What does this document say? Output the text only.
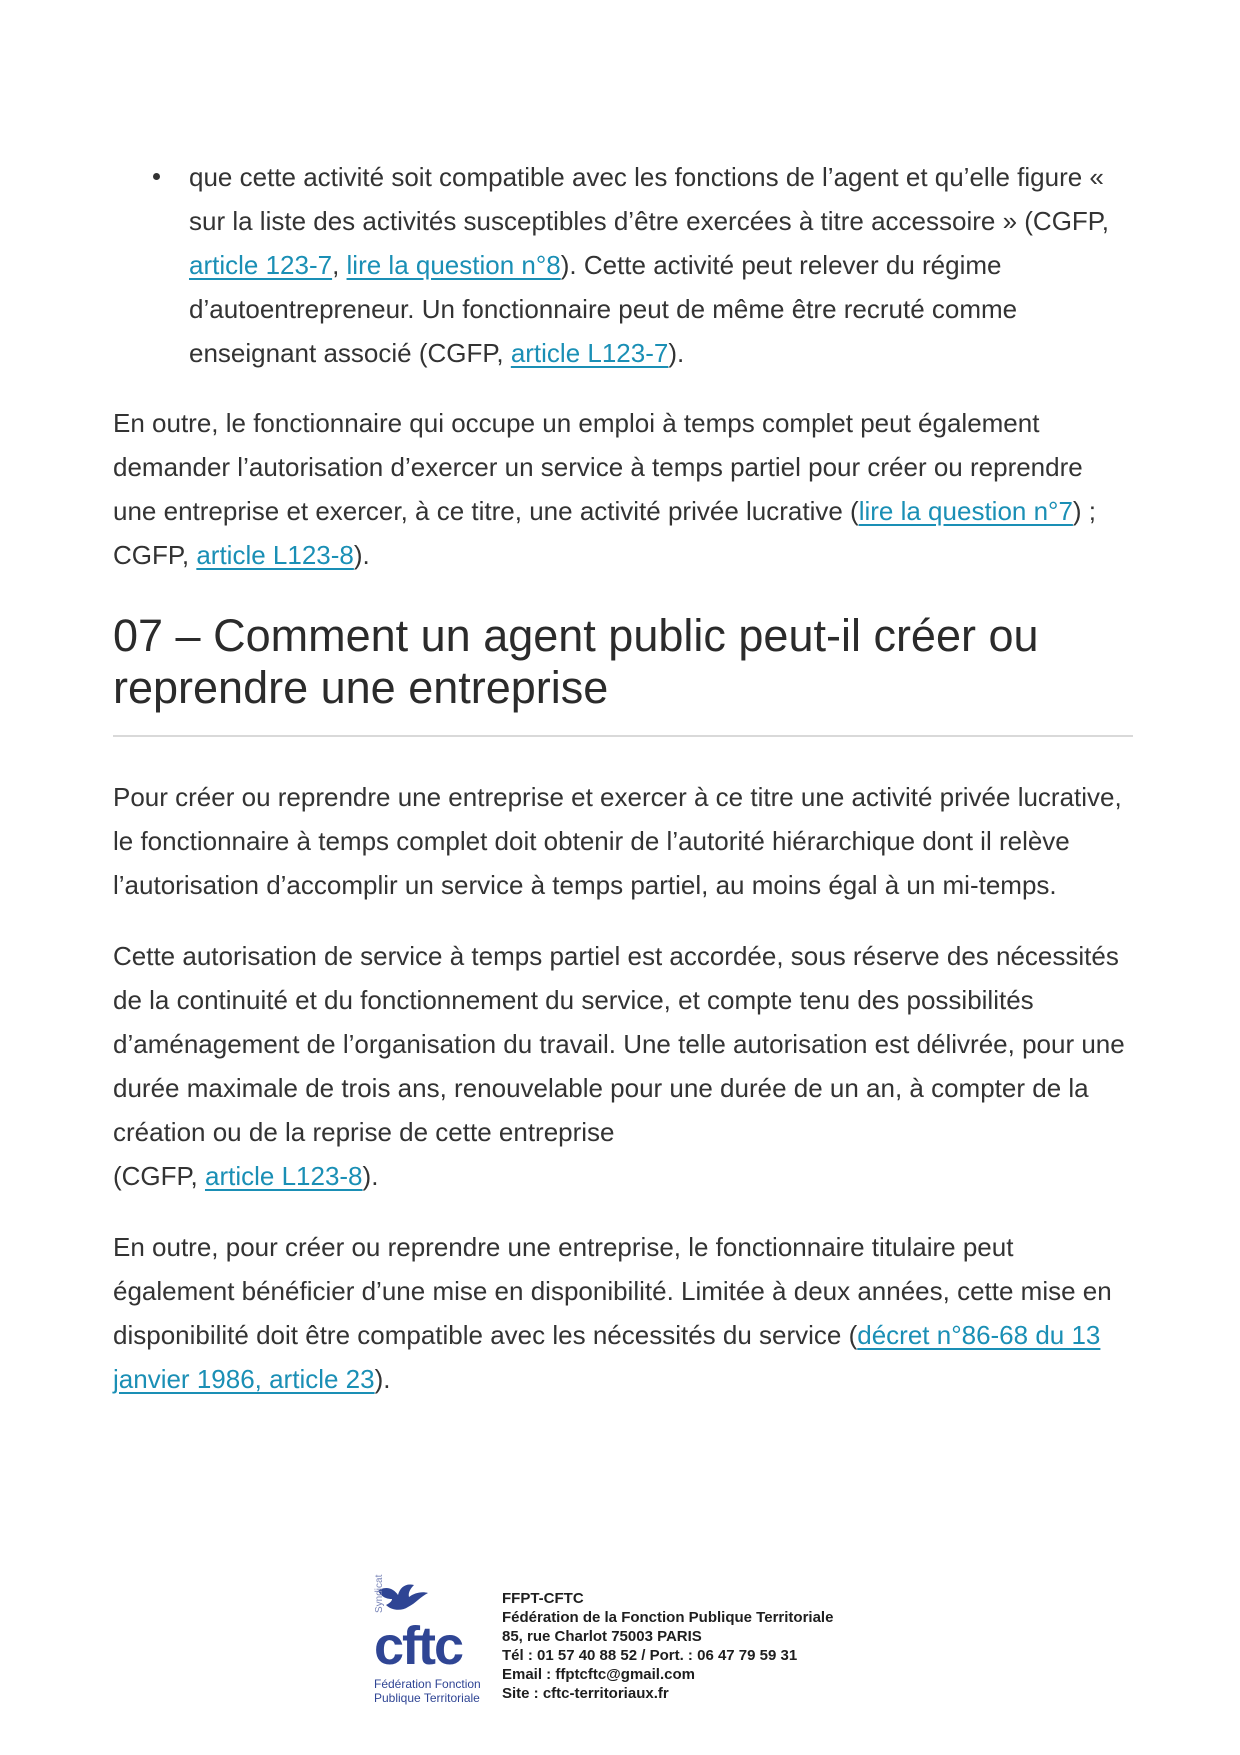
que cette activité soit compatible avec les fonctions de l’agent et qu’elle figure « sur la liste des activités susceptibles d’être exercées à titre accessoire » (CGFP, article 123-7, lire la question n°8). Cette activité peut relever du régime d’autoentrepreneur. Un fonctionnaire peut de même être recruté comme enseignant associé (CGFP, article L123-7).

En outre, le fonctionnaire qui occupe un emploi à temps complet peut également demander l’autorisation d’exercer un service à temps partiel pour créer ou reprendre une entreprise et exercer, à ce titre, une activité privée lucrative (lire la question n°7) ; CGFP, article L123-8).

07 – Comment un agent public peut-il créer ou reprendre une entreprise

Pour créer ou reprendre une entreprise et exercer à ce titre une activité privée lucrative, le fonctionnaire à temps complet doit obtenir de l’autorité hiérarchique dont il relève l’autorisation d’accomplir un service à temps partiel, au moins égal à un mi-temps.

Cette autorisation de service à temps partiel est accordée, sous réserve des nécessités de la continuité et du fonctionnement du service, et compte tenu des possibilités d’aménagement de l’organisation du travail. Une telle autorisation est délivrée, pour une durée maximale de trois ans, renouvelable pour une durée de un an, à compter de la création ou de la reprise de cette entreprise
(CGFP, article L123-8).

En outre, pour créer ou reprendre une entreprise, le fonctionnaire titulaire peut également bénéficier d’une mise en disponibilité. Limitée à deux années, cette mise en disponibilité doit être compatible avec les nécessités du service (décret n°86-68 du 13 janvier 1986, article 23).

Syndicat
cftc
Fédération Fonction
Publique Territoriale
FFPT-CFTC
Fédération de la Fonction Publique Territoriale
85, rue Charlot 75003 PARIS
Tél : 01 57 40 88 52 / Port. : 06 47 79 59 31
Email : ffptcftc@gmail.com
Site : cftc-territoriaux.fr
